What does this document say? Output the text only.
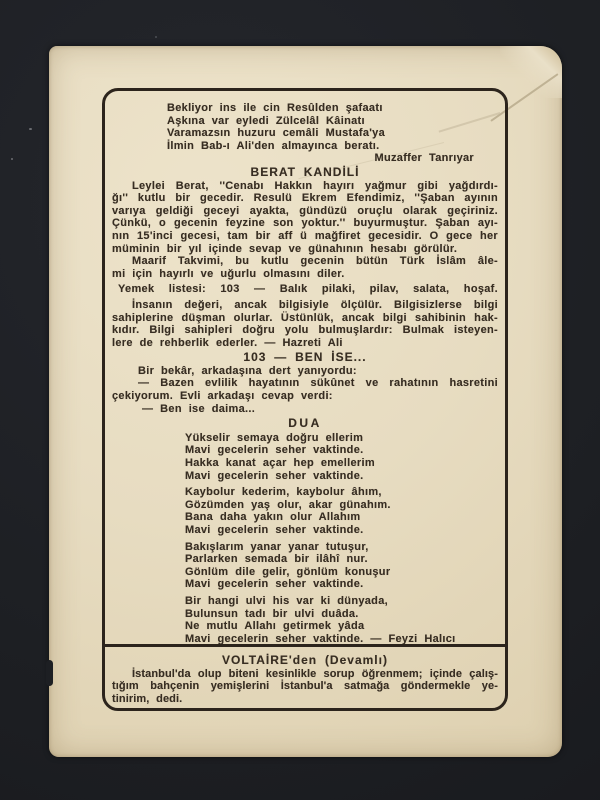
Bekliyor ins ile cin Resûlden şafaatı
Aşkına var eyledi Zülcelâl Kâinatı
Varamazsın huzuru cemâli Mustafa'ya
İlmin Bab-ı Ali'den almayınca beratı.
Muzaffer Tanrıyar
BERAT KANDİLİ
Leylei Berat, ''Cenabı Hakkın hayırı yağmur gibi yağdırdı-
ğı'' kutlu bir gecedir. Resulü Ekrem Efendimiz, ''Şaban ayının
varıya geldiği geceyi ayakta, gündüzü oruçlu olarak geçiriniz.
Çünkü, o gecenin feyzine son yoktur.'' buyurmuştur. Şaban ayı-
nın 15'inci gecesi, tam bir aff ü mağfiret gecesidir. O gece her
müminin bir yıl içinde sevap ve günahının hesabı görülür.
Maarif Takvimi, bu kutlu gecenin bütün Türk İslâm âle-
mi için hayırlı ve uğurlu olmasını diler.
Yemek listesi: 103 — Balık pilaki, pilav, salata, hoşaf.
İnsanın değeri, ancak bilgisiyle ölçülür. Bilgisizlerse bilgi
sahiplerine düşman olurlar. Üstünlük, ancak bilgi sahibinin hak-
kıdır. Bilgi sahipleri doğru yolu bulmuşlardır: Bulmak isteyen-
lere de rehberlik ederler. — Hazreti Ali
103 — BEN İSE...
Bir bekâr, arkadaşına dert yanıyordu:
— Bazen evlilik hayatının sükûnet ve rahatının hasretini
çekiyorum. Evli arkadaşı cevap verdi:
— Ben ise daima...
DUA
Yükselir semaya doğru ellerim
Mavi gecelerin seher vaktinde.
Hakka kanat açar hep emellerim
Mavi gecelerin seher vaktinde.
Kaybolur kederim, kaybolur âhım,
Gözümden yaş olur, akar günahım.
Bana daha yakın olur Allahım
Mavi gecelerin seher vaktinde.
Bakışlarım yanar yanar tutuşur,
Parlarken semada bir ilâhî nur.
Gönlüm dile gelir, gönlüm konuşur
Mavi gecelerin seher vaktinde.
Bir hangi ulvi his var ki dünyada,
Bulunsun tadı bir ulvi duâda.
Ne mutlu Allahı getirmek yâda
Mavi gecelerin seher vaktinde. — Feyzi Halıcı
VOLTAİRE'den (Devamlı)
İstanbul'da olup biteni kesinlikle sorup öğrenmem; içinde çalış-
tığım bahçenin yemişlerini İstanbul'a satmağa göndermekle ye-
tinirim, dedi.
